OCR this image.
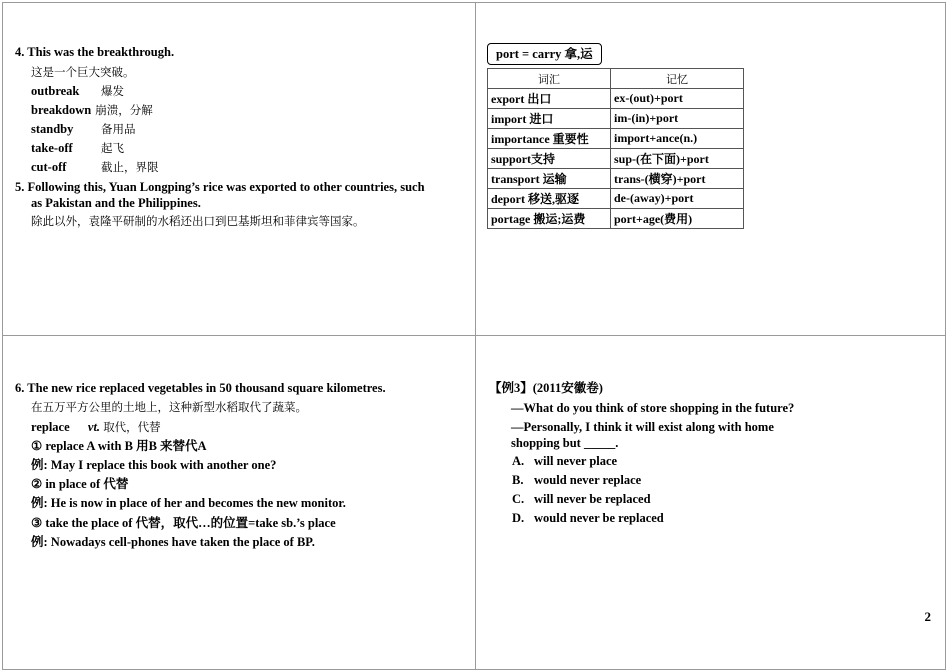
4. This was the breakthrough.
这是一个巨大突破。
outbreak 爆发
breakdown 崩溃，分解
standby 备用品
take-off 起飞
cut-off	截止，界限
5. Following this, Yuan Longping’s rice was exported to other countries, such
as Pakistan and the Philippines.
除此以外，袁隆平研制的水稻还出口到巴基斯坦和菲律宾等国家。
port = carry 拿,运
词汇	记忆
export 出口	ex-(out)+port
import 进口	im-(in)+port
importance 重要性	import+ance(n.)
support支持	sup-(在下面)+port
transport 运输	trans-(横穿)+port
deport 移送,驱逐	de-(away)+port
portage 搬运;运费	port+age(费用)
6. The new rice replaced vegetables in 50 thousand square kilometres.
在五万平方公里的土地上，这种新型水稻取代了蔬菜。
replace vt. 取代，代替
① replace A with B 用B 来替代A
例: May I replace this book with another one?
② in place of 代替
例: He is now in place of her and becomes the new monitor.
③ take the place of 代替，取代…的位置=take sb.’s place
例: Nowadays cell-phones have taken the place of BP.
【例3】(2011安徽卷)
—What do you think of store shopping in the future?
—Personally, I think it will exist along with home
shopping but _____.
A. will never place
B. would never replace
C. will never be replaced
D. would never be replaced
2
